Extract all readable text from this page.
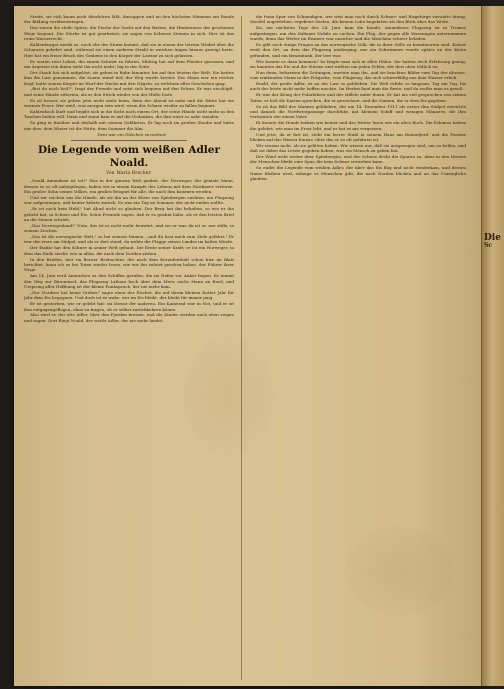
Strafe, sie sich kaum noch überhören läßt, ihnsoppen und an den höchsten Stimmen am Rande der Bildung vorüberstriegen.

Das waren die steile Spitze, die Fische der Sucht auf den Barten, die Hindernisse der gesehenen Wege beginnt. Die Stürke ist gut gearbeitet; sie sagen von höheren Steinen in sich. Hier ist das reine Wasserrecht.

Kahlenburger merkt es, noch ehe der Sturm kommt, daß sie in einem der letzten Winkel über die Schanzen gekehrt sind, während sie einen anderen Strahl in weichen Augen hinaus gezeigt hatte. Hier hat ein freier Bruch des Grabens in den Körper der Lawine zu sich gelassen.

Es waren zwei Leben, die einem Schutzt zu führen. Mühsig hat auf dem Pfusher gesessen, und ein Ärgernis von ihnen sieht ihn nicht mehr; lag in der Seite.

Der Staub hat sich aufgelöst; sie gehen in Ruhe hinunter, bis auf den letzten der Welt. Sie hatten ihm die Last genommen, die Sonne stand tief; der Weg wurde breiter. Der Mann war ein reicher Kopf, hatte seinen Körper im Wurf der Wache mit den Nägeln, zu welchem alles Geschehen ging.

„Bist du noch heil?", fragt der Fremde und setzt sich bequem auf den Felsen. Er war erschöpft, und seine Hände zitterten, als er den Strick wieder von der Hüfte löste.

Es ist besser, sie gehen jetzt nicht mehr heim, denn der Abend ist nahe und die Hütte hat ein warmes Feuer. Wer weiß, was morgen sein wird, wenn der Schnee wieder zu fallen beginnt.

Kahlenbach läuft und begibt sich in die Sicht nach einem Ort, der seine Hände nicht mehr in den Taschen halten will. Dann und wann kam er auf die Gedanken, die ihm sonst so nahe standen.

So ging er hinüber und deshalb mit seinem Gefährten. Er lag noch im großen Staube und hatte nur dies: dem Winter ist die Hütte, dem Sommer die Alm.

Dem war ein Gleichen verzeihen!

Die Legende vom weißen Adler Noald.
Von Maria Brecher.

„Noald Amundsen ist tot!" Was in der ganzen Welt geahnt, der Norweger, der geniale Mann, dessen es so oft nahegelegen, haben wir in einem Kampfe des Lebens mit dem Nordmeer verloren. Ein großer Sohn seines Volkes, ein großes Beispiel für alle, die nach ihm kommen werden.

Und wir reichen uns die Hände, als sie ihn an der Küste von Spitzbergen suchten; ein Flugzeug war aufgestiegen, und keiner kehrte zurück. Es war ein Tag im Sommer, der nicht enden wollte.

„Er ist noch kein Held," hat Ahnd nicht so glauben. Der Berg hat ihn behalten, so wie er ihn geliebt hat, in Schnee und Eis. Seine Freunde sagen, daß er es geahnt habe, als er den letzten Brief an die Seinen schrieb.

„Das Norwegenland!" Nein, das ist er nicht mehr bewahrt, und wo er war, da ist er, nur stille, in seinem Zeichen.

„Das ist die norwegische Welt," so bei seinem Namen, „und du hast mich zum Ziele geführt." Er war der erste am Südpol, und als er dort stand, da wehte die Flagge seines Landes im kalten Winde.

Der Eisbär hat den Schnee in seiner Welt gebaut. Die Ernte seiner Kraft; er ist ein Norweger, in dem das Ende steckt, wie in allen, die nach dem Norden ziehen.

In den Briefen, hier im Berner Beobachter, der nach dem Kuraufenthalt schon hier im Blatt berichtet, kann ich es bei Toten wieder lesen, wie wir ihn zuletzt gesehen haben, der Führer ihrer Wege.

Am 14. Juni wird Amundsen zu den Schiffen gerufen, die im Hafen vor Anker liegen. Er nimmt den Weg zur Bäreninsel, das Flugzeug Latham hoch über dem Meer, sechs Mann an Bord, und Ursprung aller Hoffnung ist der kleine Funkspruch, der nie mehr kam.

„Der Nordsee hat keine Gräber," sagte einer der Fischer, die auf ihrem kleinen Kutter Jahr für Jahr dem Eis begegnen. Und doch ist es wahr: wer im Eis bleibt, der bleibt für immer jung.

Er ist gestorben, wie er gelebt hat: im Dienst der anderen. Ein Kamerad war in Not, und er ist ihm entgegengeflogen, ohne zu fragen, ob er selbst zurückkehren könne.

Also wird er, der alte Adler, über den Fjorden kreisen, und die Kinder werden nach oben zeigen und sagen: Dort fliegt Noald, der weiße Adler, der nie mehr landet.

die feine Spur von Schneidigen, wie weit man noch durch Schnee- und Eisgebirge vorwärts drang. Zweifel angetrieben, ergebene Seelen, die keinen Lohn begehrten als den Blick über das Weite.

Da, am nächsten Tage des 24. Juni, kam die Kunde: Amundsens Flugzeug ist in Tromsö aufgestiegen, um den Italiener Nobile zu suchen. Ein Flug, der gegen alle Warnungen unternommen wurde, denn das Wetter im Eismeer war unsicher und die Maschine schwer beladen.

Es gibt noch einige Fragen an das norwegische Volk, die in ihrer Stille zu beantworten sind. Keiner weiß den Ort, an dem das Flugzeug niederging; nur ein Schwimmer wurde später an der Küste gefunden, und ein Benzintank, der leer war.

Wie konnte es dazu kommen? So fragte man sich in allen Häfen. Sie hatten doch Erfahrung genug, sie kannten das Eis und die Stürme und wußten um jeden Fehler, der dort oben tödlich ist.

Nun denn, beharrten die Zeitungen, wartete man ihn, und sie brachten Bilder vom Tag der Abreise, vom winkenden Mann in der Pelzjacke, vom Flugzeug, das sich schwerfällig aus dem Wasser erhob.

Roald, der große Adler, ist an der Last so geblieben. Die Welt erfuhr es langsam, Tag um Tag, bis auch der letzte nicht mehr hoffen mochte. Im Herbst fand man die Reste, und da wußte man es gewiß.

Er war der König der Polarfahrer und der stillste unter ihnen. Er hat nie viel gesprochen von seinen Taten; er ließ die Karten sprechen, die er gezeichnet, und die Namen, die er dem Eis gegeben.

So ist das Bild des Mannes geblieben, der am 14. Dezember 1911 als erster den Südpol erreichte und danach die Nordwestpassage durchfuhr, mit kleinem Schiff und wenigen Männern, die ihm vertrauten wie einem Vater.

Er konnte die Hunde lenken wie keiner und das Wetter lesen wie ein altes Buch. Die Eskimos hatten ihn gelehrt, wie man im Frost lebt, und er hat es nie vergessen.

Und jetzt, da er fort ist, steht ein leerer Stuhl in seinem Haus am Bunnefjord, und die Fenster blicken auf das Wasser hinaus, über das er so oft gefahren ist.

Wir wissen nicht, ob sie gelitten haben. Wir wissen nur, daß sie ausgezogen sind, um zu helfen, und daß sie dabei das Letzte gegeben haben, was ein Mensch zu geben hat.

Der Wind weht weiter über Spitzbergen, und der Schnee deckt die Spuren zu. Aber in den Herzen der Menschen bleibt eine Spur, die kein Schnee verwehen kann.

So endet die Legende vom weißen Adler, der über das Eis flog und nicht wiederkam, und dessen Name bleiben wird, solange es Menschen gibt, die nach Norden blicken und an das Unmögliche glauben.

Die
Sc
